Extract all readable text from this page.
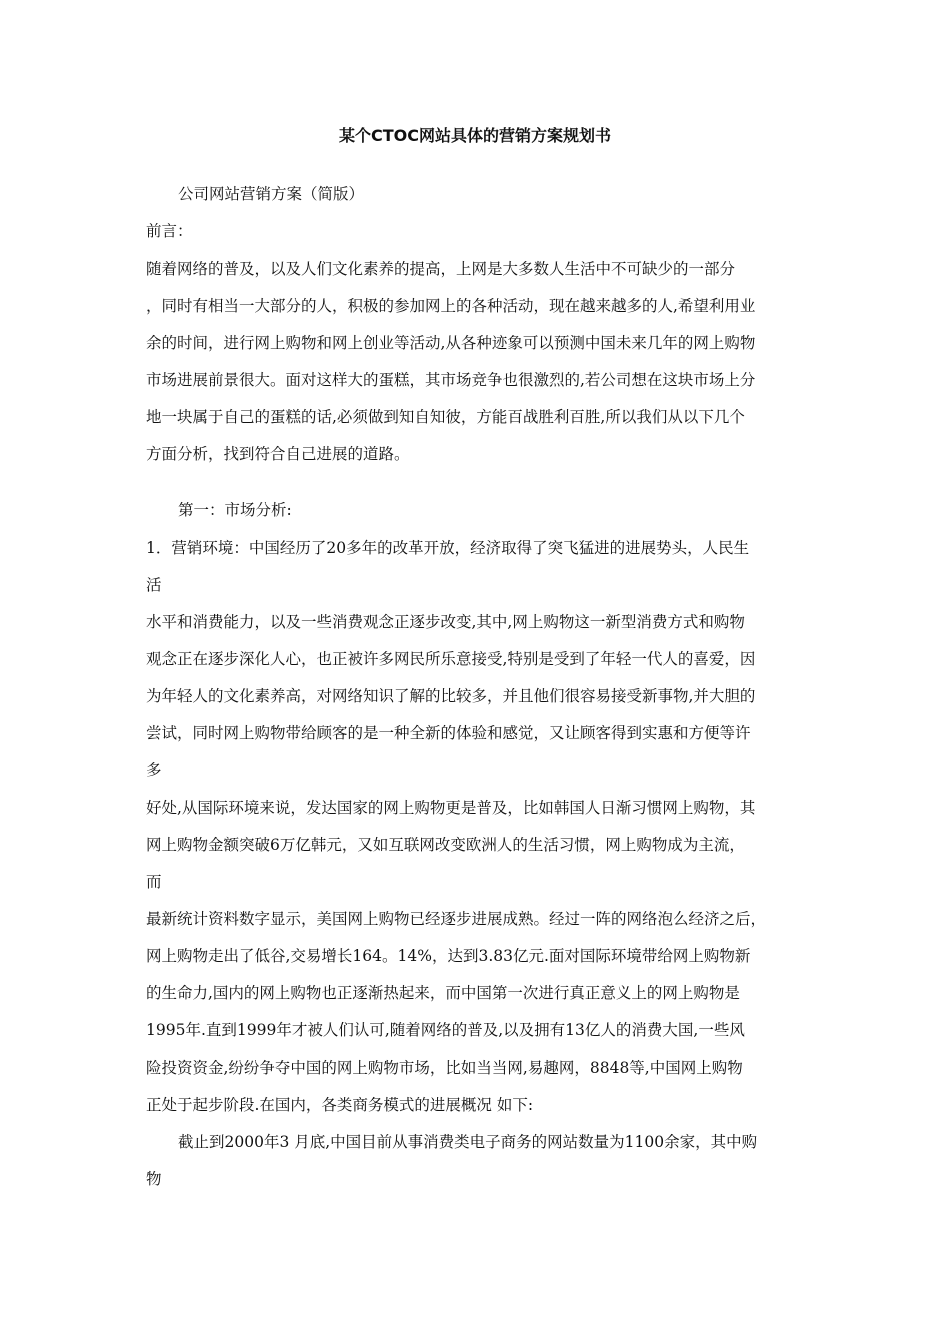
某个CTOC网站具体的营销方案规划书
公司网站营销方案（简版）
前言：
随着网络的普及，以及人们文化素养的提高，上网是大多数人生活中不可缺少的一部分
，同时有相当一大部分的人，积极的参加网上的各种活动，现在越来越多的人,希望利用业
余的时间，进行网上购物和网上创业等活动,从各种迹象可以预测中国未来几年的网上购物
市场进展前景很大。面对这样大的蛋糕，其市场竞争也很激烈的,若公司想在这块市场上分
地一块属于自己的蛋糕的话,必须做到知自知彼，方能百战胜利百胜,所以我们从以下几个
方面分析，找到符合自己进展的道路。
第一：市场分析:
1．营销环境：中国经历了20多年的改革开放，经济取得了突飞猛进的进展势头，人民生
活
水平和消费能力，以及一些消费观念正逐步改变,其中,网上购物这一新型消费方式和购物
观念正在逐步深化人心，也正被许多网民所乐意接受,特别是受到了年轻一代人的喜爱，因
为年轻人的文化素养高，对网络知识了解的比较多，并且他们很容易接受新事物,并大胆的
尝试，同时网上购物带给顾客的是一种全新的体验和感觉，又让顾客得到实惠和方便等许
多
好处,从国际环境来说，发达国家的网上购物更是普及，比如韩国人日渐习惯网上购物，其
网上购物金额突破6万亿韩元，又如互联网改变欧洲人的生活习惯，网上购物成为主流，
而
最新统计资料数字显示，美国网上购物已经逐步进展成熟。经过一阵的网络泡么经济之后，
网上购物走出了低谷,交易增长164。14%，达到3.83亿元.面对国际环境带给网上购物新
的生命力,国内的网上购物也正逐渐热起来，而中国第一次进行真正意义上的网上购物是
1995年.直到1999年才被人们认可,随着网络的普及,以及拥有13亿人的消费大国,一些风
险投资资金,纷纷争夺中国的网上购物市场，比如当当网,易趣网，8848等,中国网上购物
正处于起步阶段.在国内，各类商务模式的进展概况 如下:
截止到2000年3 月底,中国目前从事消费类电子商务的网站数量为1100余家，其中购
物
